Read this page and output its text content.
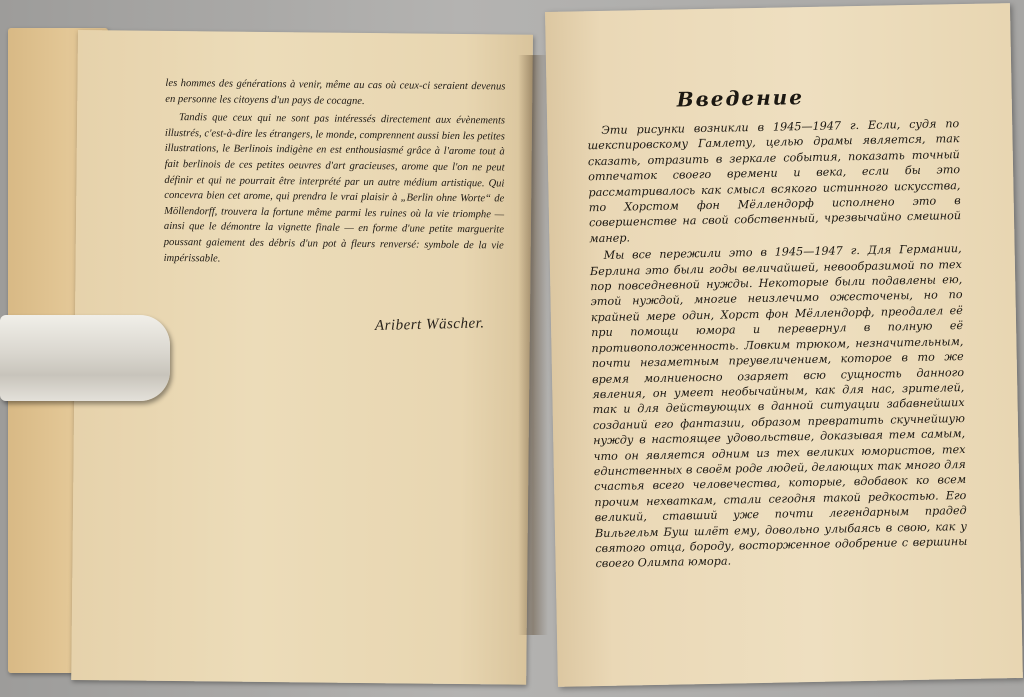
les hommes des générations à venir, même au cas où ceux-ci seraient devenus en personne les citoyens d'un pays de cocagne.

Tandis que ceux qui ne sont pas intéressés directement aux évènements illustrés, c'est-à-dire les étrangers, le monde, comprennent aussi bien les petites illustrations, le Berlinois indigène en est enthousiasmé grâce à l'arome tout à fait berlinois de ces petites oeuvres d'art gracieuses, arome que l'on ne peut définir et qui ne pourrait être interprété par un autre médium artistique. Qui concevra bien cet arome, qui prendra le vrai plaisir à „Berlin ohne Worte“ de Möllendorff, trouvera la fortune même parmi les ruines où la vie triomphe — ainsi que le démontre la vignette finale — en forme d'une petite marguerite poussant gaiement des débris d'un pot à fleurs renversé: symbole de la vie impérissable.

Aribert Wäscher.
Введение

Эти рисунки возникли в 1945—1947 г. Если, судя по шекспировскому Гамлету, целью драмы является, так сказать, отразить в зеркале события, показать точный отпечаток своего времени и века, если бы это рассматривалось как смысл всякого истинного искусства, то Хорстом фон Мёллендорф исполнено это в совершенстве на свой собственный, чрезвычайно смешной манер.

Мы все пережили это в 1945—1947 г. Для Германии, Берлина это были годы величайшей, невообразимой по тех пор повседневной нужды. Некоторые были подавлены ею, этой нуждой, многие неизлечимо ожесточены, но по крайней мере один, Хорст фон Мёллендорф, преодалел её при помощи юмора и перевернул в полную её противоположенность. Ловким трюком, незначительным, почти незаметным преувеличением, которое в то же время молниеносно озаряет всю сущность данного явления, он умеет необычайным, как для нас, зрителей, так и для действующих в данной ситуации забавнейших созданий его фантазии, образом превратить скучнейшую нужду в настоящее удовольствие, доказывая тем самым, что он является одним из тех великих юмористов, тех единственных в своём роде людей, делающих так много для счастья всего человечества, которые, вдобавок ко всем прочим нехваткам, стали сегодня такой редкостью. Его великий, ставший уже почти легендарным прадед Вильгельм Буш шлёт ему, довольно улыбаясь в свою, как у святого отца, бороду, восторженное одобрение с вершины своего Олимпа юмора.
